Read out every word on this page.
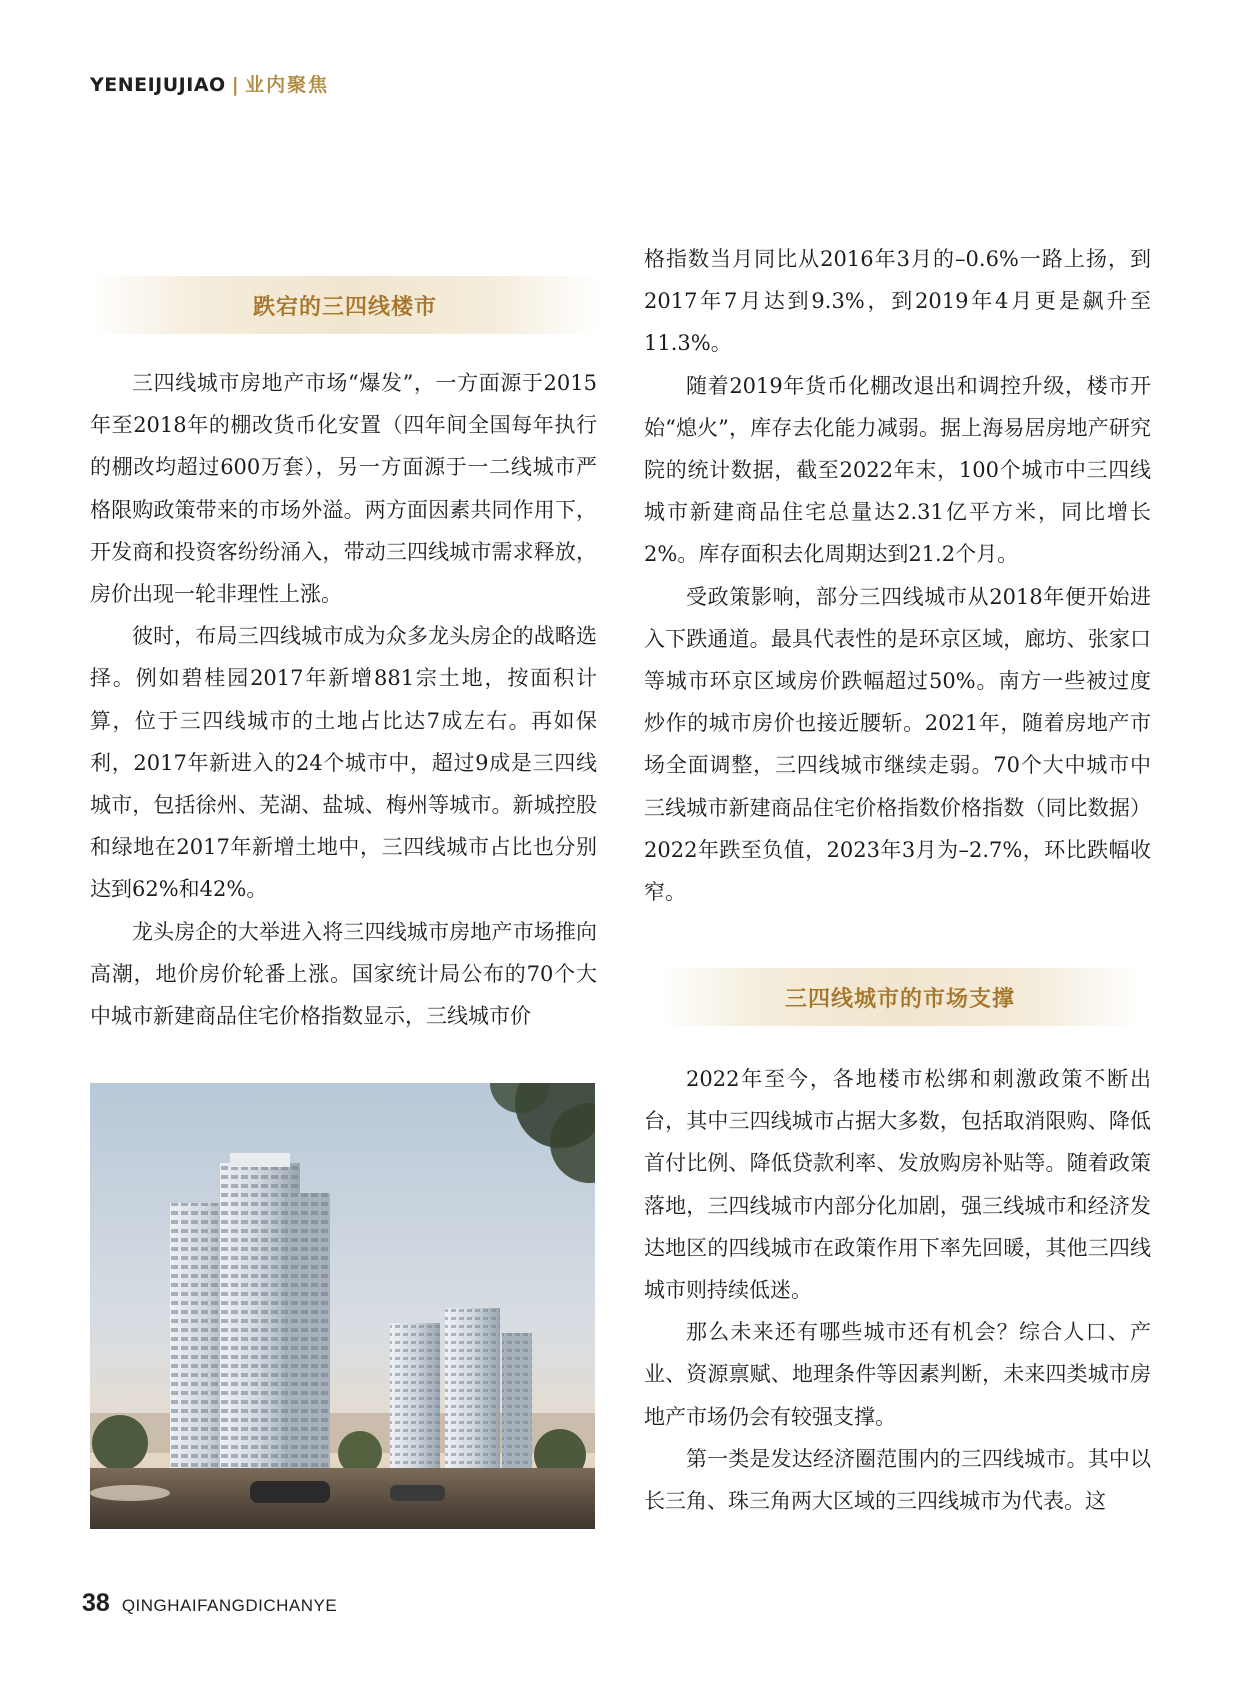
YENEIJUJIAO | 业内聚焦
跌宕的三四线楼市

三四线城市房地产市场“爆发”，一方面源于2015年至2018年的棚改货币化安置（四年间全国每年执行的棚改均超过600万套），另一方面源于一二线城市严格限购政策带来的市场外溢。两方面因素共同作用下，开发商和投资客纷纷涌入，带动三四线城市需求释放，房价出现一轮非理性上涨。

彼时，布局三四线城市成为众多龙头房企的战略选择。例如碧桂园2017年新增881宗土地，按面积计算，位于三四线城市的土地占比达7成左右。再如保利，2017年新进入的24个城市中，超过9成是三四线城市，包括徐州、芜湖、盐城、梅州等城市。新城控股和绿地在2017年新增土地中，三四线城市占比也分别达到62%和42%。

龙头房企的大举进入将三四线城市房地产市场推向高潮，地价房价轮番上涨。国家统计局公布的70个大中城市新建商品住宅价格指数显示，三线城市价

格指数当月同比从2016年3月的–0.6%一路上扬，到2017年7月达到9.3%，到2019年4月更是飙升至11.3%。

随着2019年货币化棚改退出和调控升级，楼市开始“熄火”，库存去化能力减弱。据上海易居房地产研究院的统计数据，截至2022年末，100个城市中三四线城市新建商品住宅总量达2.31亿平方米，同比增长2%。库存面积去化周期达到21.2个月。

受政策影响，部分三四线城市从2018年便开始进入下跌通道。最具代表性的是环京区域，廊坊、张家口等城市环京区域房价跌幅超过50%。南方一些被过度炒作的城市房价也接近腰斩。2021年，随着房地产市场全面调整，三四线城市继续走弱。70个大中城市中三线城市新建商品住宅价格指数价格指数（同比数据）2022年跌至负值，2023年3月为–2.7%，环比跌幅收窄。

三四线城市的市场支撑

2022年至今，各地楼市松绑和刺激政策不断出台，其中三四线城市占据大多数，包括取消限购、降低首付比例、降低贷款利率、发放购房补贴等。随着政策落地，三四线城市内部分化加剧，强三线城市和经济发达地区的四线城市在政策作用下率先回暖，其他三四线城市则持续低迷。

那么未来还有哪些城市还有机会？综合人口、产业、资源禀赋、地理条件等因素判断，未来四类城市房地产市场仍会有较强支撑。

第一类是发达经济圈范围内的三四线城市。其中以长三角、珠三角两大区域的三四线城市为代表。这

38 QINGHAIFANGDICHANYE
